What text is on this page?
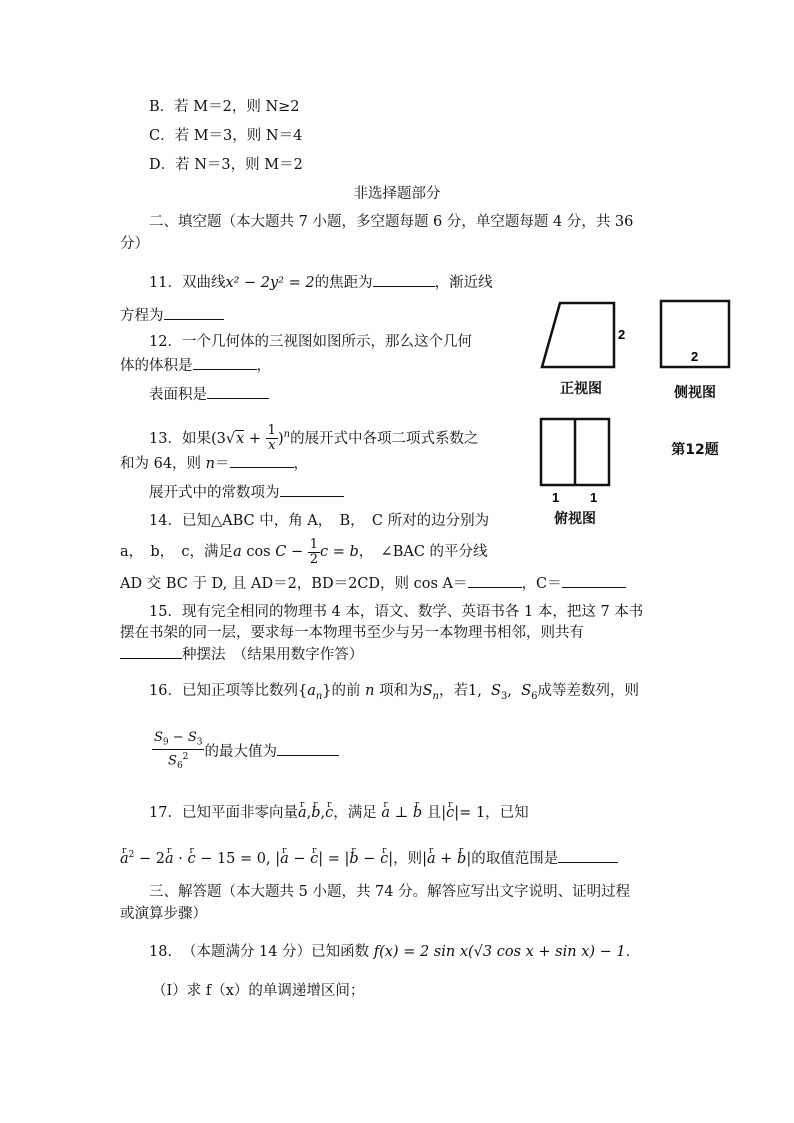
B．若 M＝2，则 N≥2
C．若 M＝3，则 N＝4
D．若 N＝3，则 M＝2
非选择题部分
二、填空题（本大题共 7 小题，多空题每题 6 分，单空题每题 4 分，共 36
分）
11．双曲线x² − 2y² = 2的焦距为	，渐近线
方程为
12．一个几何体的三视图如图所示，那么这个几何
体的体积是	，
表面积是
13．如果$(3√x + \frac{1}{x} )^n$的展开式中各项二项式系数之
和为 64，则 n＝	，
展开式中的常数项为
14．已知△ABC 中，角 A，　B，　C 所对的边分别为
a，　b，　c，满足a $\cos C - \frac{1}{2}$ c = b，　∠BAC 的平分线
AD 交 BC 于 D, 且 AD＝2，BD＝2CD，则 cos A＝	，C＝
15．现有完全相同的物理书 4 本，语文、数学、英语书各 1 本，把这 7 本书
摆在书架的同一层，要求每一本物理书至少与另一本物理书相邻，则共有
种摆法　（结果用数字作答）
16．已知正项等比数列$\{a_n\}$的前 n 项和为$S_n$，若1,  $S_3$,  $S_6$成等差数列，则
$\frac{S_9 - S_3}{S_6^2}$ 的最大值为
17．已知平面非零向量r a,r b,r c，满足 r a ⊥ r b 且|r c|= 1，已知
r $a^2 - 2r$ a · r c − 15 = 0, |r a − r c| = |r b − r c|，则|r a + r b|的取值范围是
三、解答题（本大题共 5 小题，共 74 分。解答应写出文字说明、证明过程
或演算步骤）
18．　（本题满分 14 分）已知函数 f(x) = 2 sin x(√3 cos x + sin x) − 1．
（Ⅰ）求 f（x）的单调递增区间；
2
2
1 1
正视图	侧视图
俯视图
第12题
